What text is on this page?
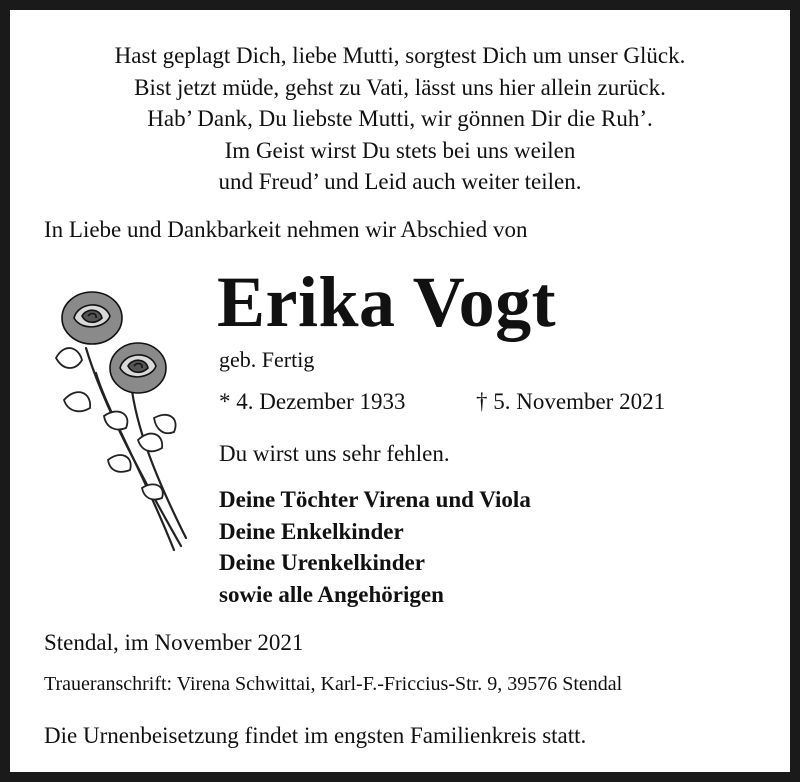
Hast geplagt Dich, liebe Mutti, sorgtest Dich um unser Glück.
Bist jetzt müde, gehst zu Vati, lässt uns hier allein zurück.
Hab’ Dank, Du liebste Mutti, wir gönnen Dir die Ruh’.
Im Geist wirst Du stets bei uns weilen
und Freud’ und Leid auch weiter teilen.
In Liebe und Dankbarkeit nehmen wir Abschied von
Erika Vogt
geb. Fertig
* 4. Dezember 1933	† 5. November 2021
Du wirst uns sehr fehlen.
Deine Töchter Virena und Viola
Deine Enkelkinder
Deine Urenkelkinder
sowie alle Angehörigen
Stendal, im November 2021
Traueranschrift: Virena Schwittai, Karl-F.-Friccius-Str. 9, 39576 Stendal
Die Urnenbeisetzung findet im engsten Familienkreis statt.
